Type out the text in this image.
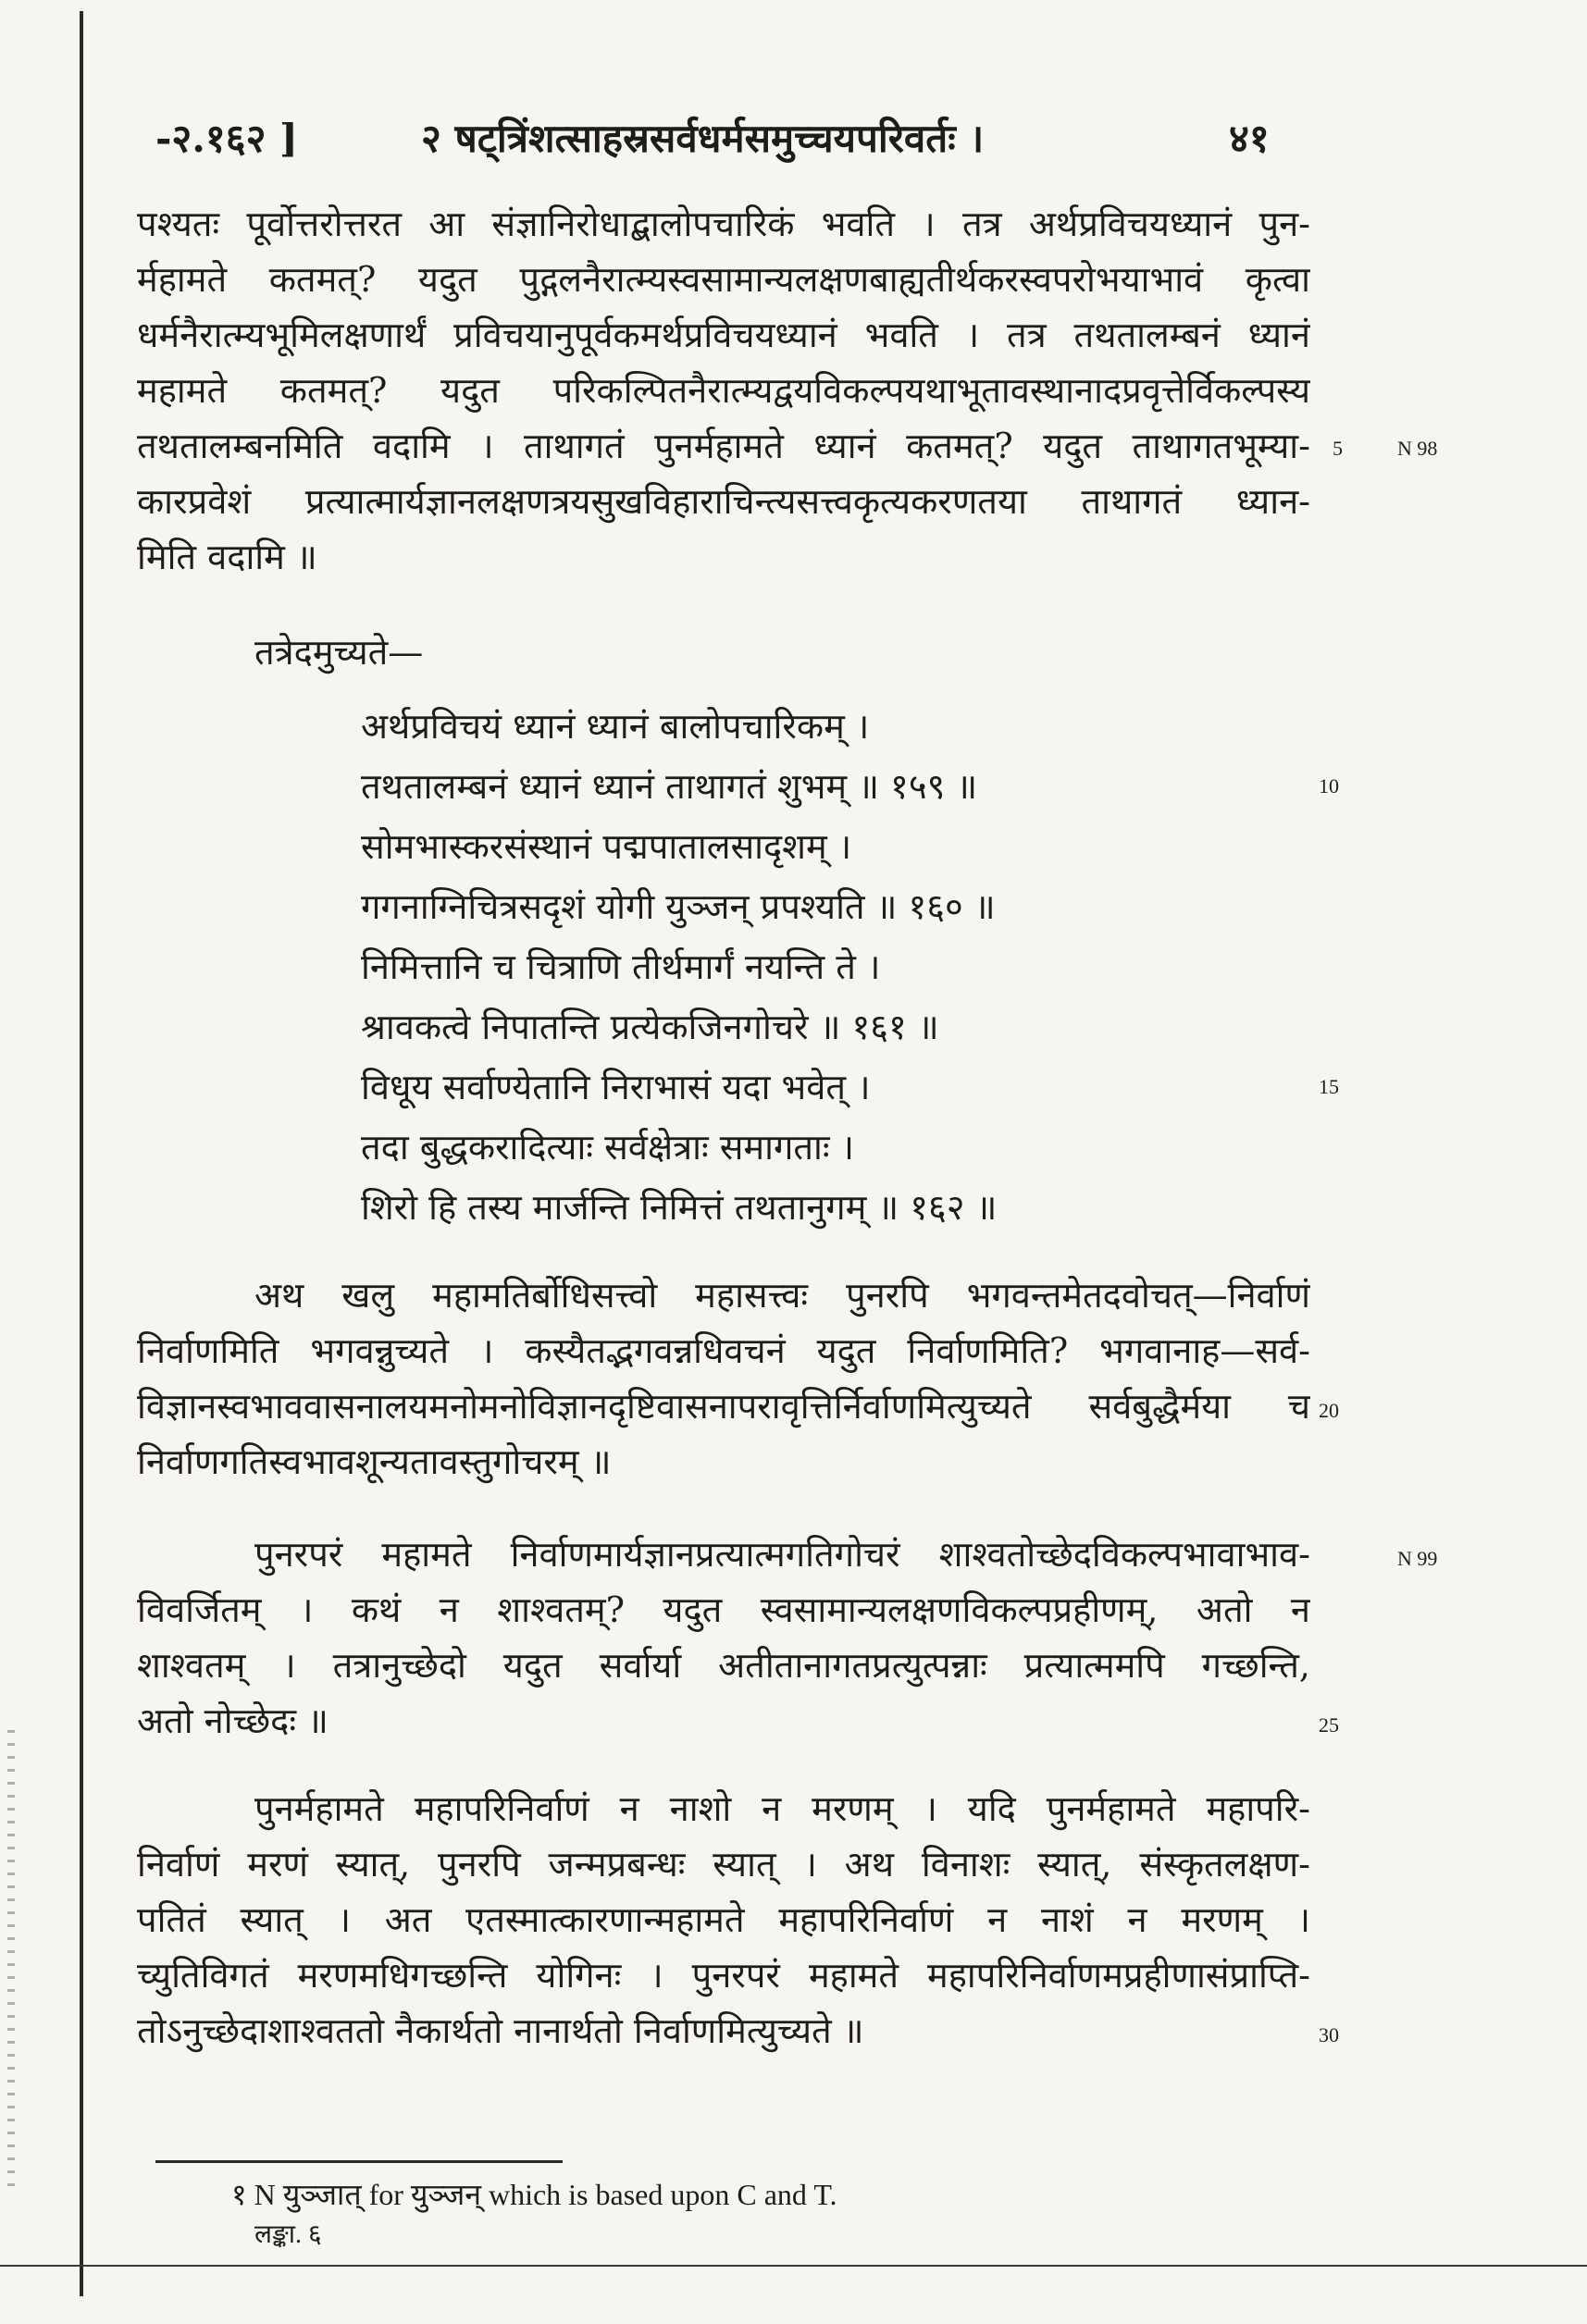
-२.१६२ ]	२ षट्त्रिंशत्साहस्रसर्वधर्मसमुच्चयपरिवर्तः ।	४१
पश्यतः पूर्वोत्तरोत्तरत आ संज्ञानिरोधाद्बालोपचारिकं भवति । तत्र अर्थप्रविचयध्यानं पुन-
र्महामते कतमत्? यदुत पुद्गलनैरात्म्यस्वसामान्यलक्षणबाह्यतीर्थकरस्वपरोभयाभावं कृत्वा
धर्मनैरात्म्यभूमिलक्षणार्थं प्रविचयानुपूर्वकमर्थप्रविचयध्यानं भवति । तत्र तथतालम्बनं ध्यानं
महामते कतमत्? यदुत परिकल्पितनैरात्म्यद्वयविकल्पयथाभूतावस्थानादप्रवृत्तेर्विकल्पस्य
तथतालम्बनमिति वदामि । ताथागतं पुनर्महामते ध्यानं कतमत्? यदुत ताथागतभूम्या-
कारप्रवेशं प्रत्यात्मार्यज्ञानलक्षणत्रयसुखविहाराचिन्त्यसत्त्वकृत्यकरणतया ताथागतं ध्यान-
मिति वदामि ॥
तत्रेदमुच्यते—
अर्थप्रविचयं ध्यानं ध्यानं बालोपचारिकम् ।
तथतालम्बनं ध्यानं ध्यानं ताथागतं शुभम् ॥ १५९ ॥
सोमभास्करसंस्थानं पद्मपातालसादृशम् ।
गगनाग्निचित्रसदृशं योगी युञ्जन् प्रपश्यति ॥ १६० ॥
निमित्तानि च चित्राणि तीर्थमार्गं नयन्ति ते ।
श्रावकत्वे निपातन्ति प्रत्येकजिनगोचरे ॥ १६१ ॥
विधूय सर्वाण्येतानि निराभासं यदा भवेत् ।
तदा बुद्धकरादित्याः सर्वक्षेत्राः समागताः ।
शिरो हि तस्य मार्जन्ति निमित्तं तथतानुगम् ॥ १६२ ॥
अथ खलु महामतिर्बोधिसत्त्वो महासत्त्वः पुनरपि भगवन्तमेतदवोचत्—निर्वाणं
निर्वाणमिति भगवन्नुच्यते । कस्यैतद्भगवन्नधिवचनं यदुत निर्वाणमिति? भगवानाह—सर्व-
विज्ञानस्वभाववासनालयमनोमनोविज्ञानदृष्टिवासनापरावृत्तिर्निर्वाणमित्युच्यते सर्वबुद्धैर्मया च
निर्वाणगतिस्वभावशून्यतावस्तुगोचरम् ॥
पुनरपरं महामते निर्वाणमार्यज्ञानप्रत्यात्मगतिगोचरं शाश्वतोच्छेदविकल्पभावाभाव-
विवर्जितम् । कथं न शाश्वतम्? यदुत स्वसामान्यलक्षणविकल्पप्रहीणम्, अतो न
शाश्वतम् । तत्रानुच्छेदो यदुत सर्वार्या अतीतानागतप्रत्युत्पन्नाः प्रत्यात्ममपि गच्छन्ति,
अतो नोच्छेदः ॥
पुनर्महामते महापरिनिर्वाणं न नाशो न मरणम् । यदि पुनर्महामते महापरि-
निर्वाणं मरणं स्यात्, पुनरपि जन्मप्रबन्धः स्यात् । अथ विनाशः स्यात्, संस्कृतलक्षण-
पतितं स्यात् । अत एतस्मात्कारणान्महामते महापरिनिर्वाणं न नाशं न मरणम् ।
च्युतिविगतं मरणमधिगच्छन्ति योगिनः । पुनरपरं महामते महापरिनिर्वाणमप्रहीणासंप्राप्ति-
तोऽनुच्छेदाशाश्वततो नैकार्थतो नानार्थतो निर्वाणमित्युच्यते ॥
5
10
15
20
25
30
N 98
N 99
१ N युञ्जात् for युञ्जन् which is based upon C and T.
लङ्का. ६
